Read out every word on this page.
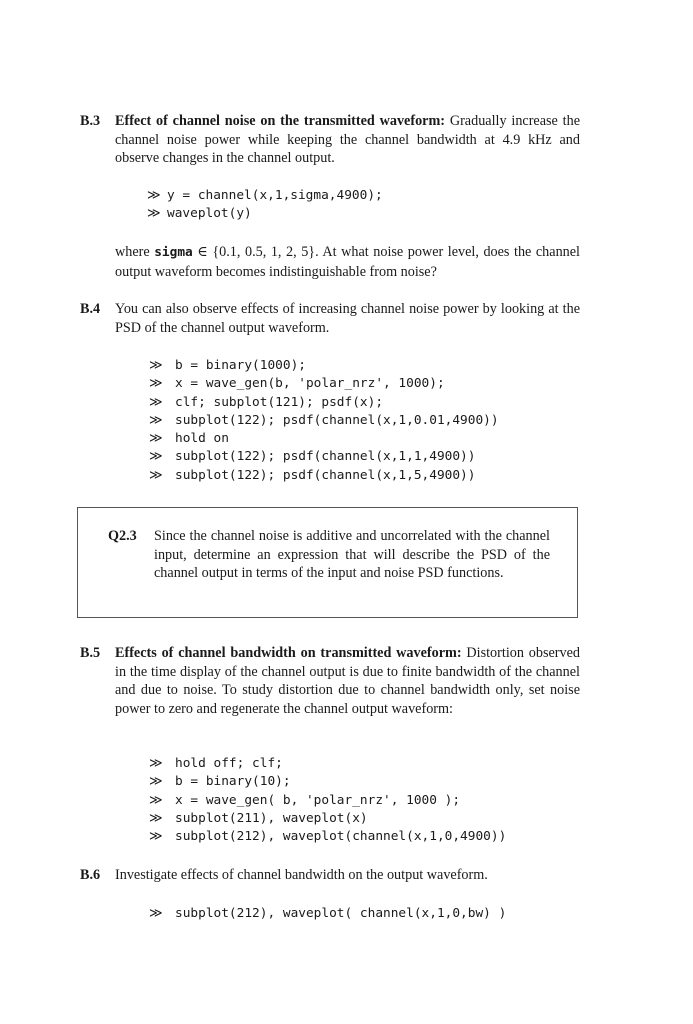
B.3 Effect of channel noise on the transmitted waveform: Gradually increase the channel noise power while keeping the channel bandwidth at 4.9 kHz and observe changes in the channel output.
≫ y = channel(x,1,sigma,4900);
≫ waveplot(y)
where sigma ∈ {0.1, 0.5, 1, 2, 5}. At what noise power level, does the channel output waveform becomes indistinguishable from noise?
B.4 You can also observe effects of increasing channel noise power by looking at the PSD of the channel output waveform.
≫ b = binary(1000);
≫ x = wave_gen(b, 'polar_nrz', 1000);
≫ clf; subplot(121); psdf(x);
≫ subplot(122); psdf(channel(x,1,0.01,4900))
≫ hold on
≫ subplot(122); psdf(channel(x,1,1,4900))
≫ subplot(122); psdf(channel(x,1,5,4900))
Q2.3 Since the channel noise is additive and uncorrelated with the channel input, determine an expression that will describe the PSD of the channel output in terms of the input and noise PSD functions.
B.5 Effects of channel bandwidth on transmitted waveform: Distortion observed in the time display of the channel output is due to finite bandwidth of the channel and due to noise. To study distortion due to channel bandwidth only, set noise power to zero and regenerate the channel output waveform:
≫ hold off; clf;
≫ b = binary(10);
≫ x = wave_gen( b, 'polar_nrz', 1000 );
≫ subplot(211), waveplot(x)
≫ subplot(212), waveplot(channel(x,1,0,4900))
B.6 Investigate effects of channel bandwidth on the output waveform.
≫ subplot(212), waveplot( channel(x,1,0,bw) )
